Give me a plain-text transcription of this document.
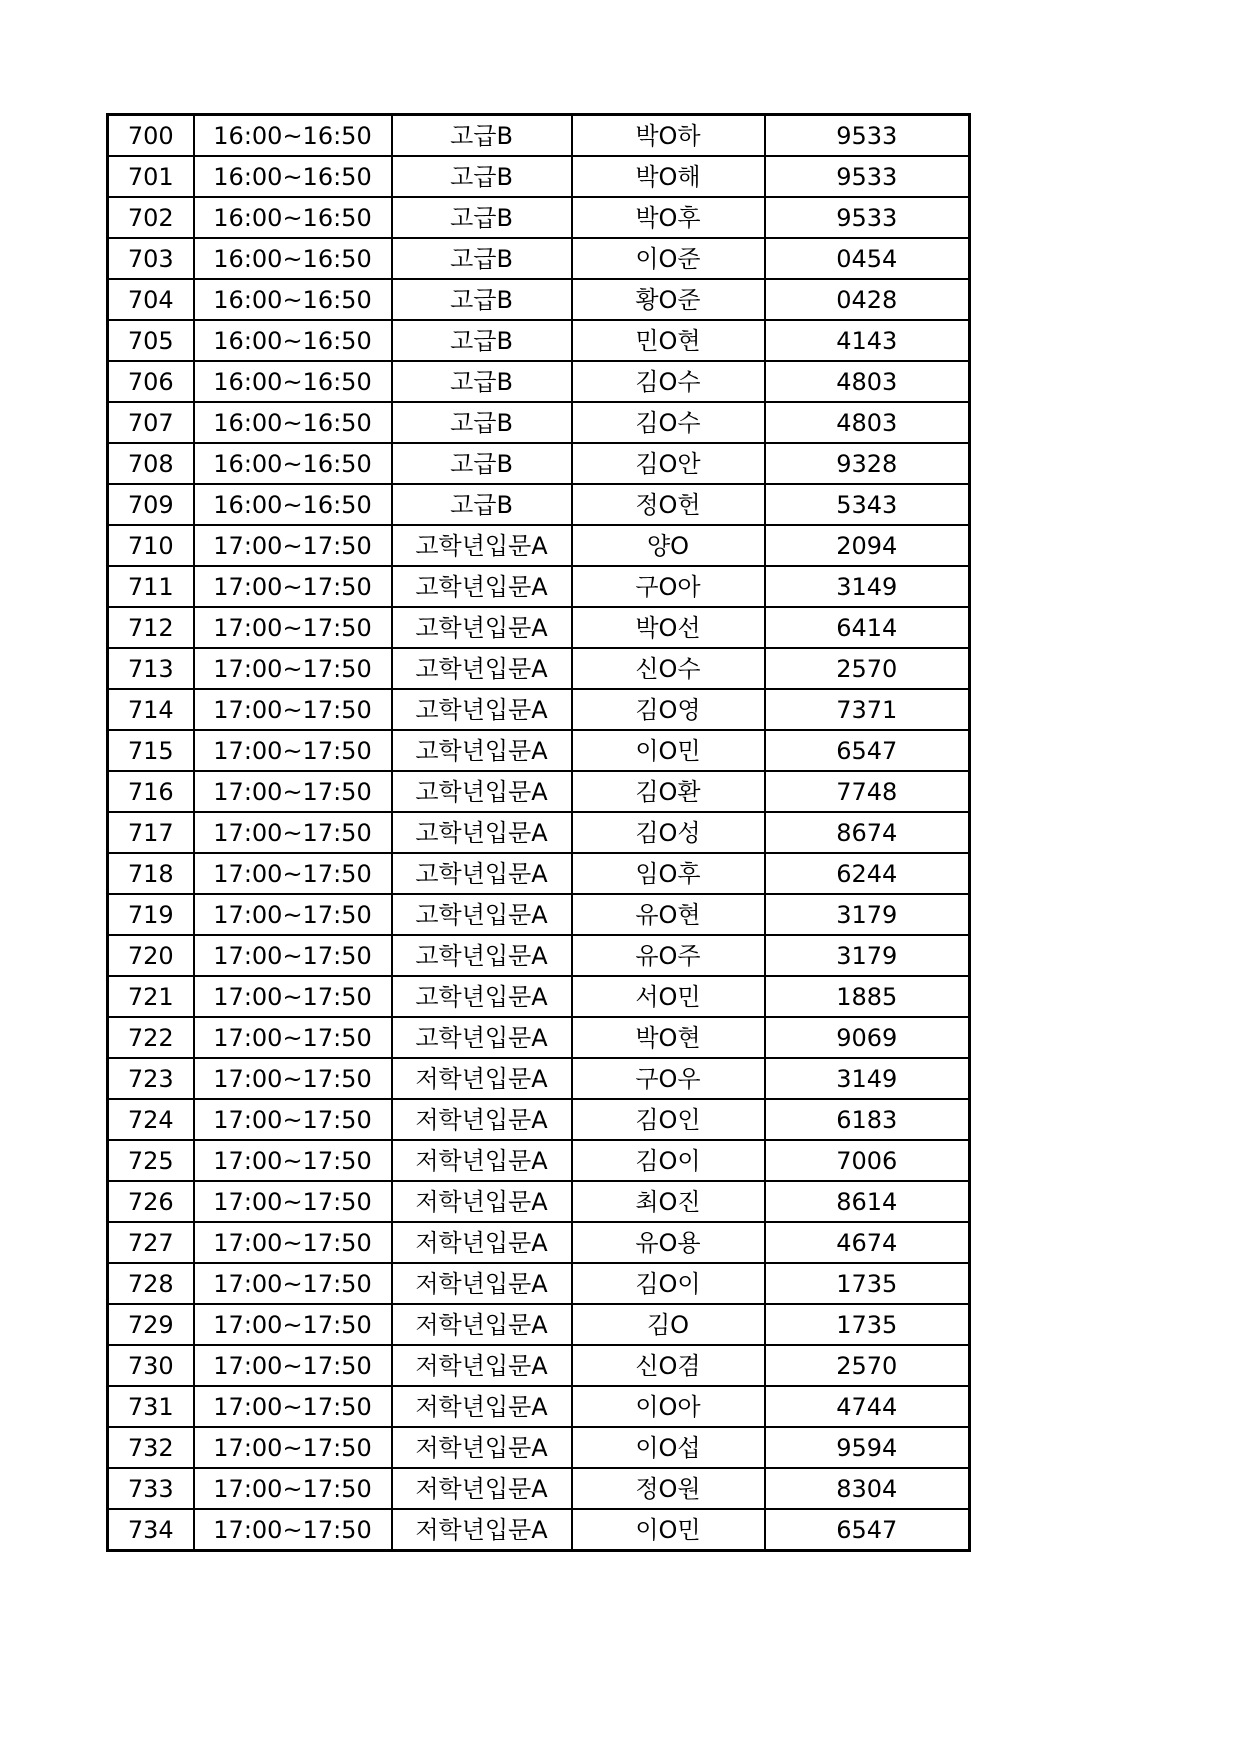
700	16:00~16:50	고급B	박O하	9533
701	16:00~16:50	고급B	박O해	9533
702	16:00~16:50	고급B	박O후	9533
703	16:00~16:50	고급B	이O준	0454
704	16:00~16:50	고급B	황O준	0428
705	16:00~16:50	고급B	민O현	4143
706	16:00~16:50	고급B	김O수	4803
707	16:00~16:50	고급B	김O수	4803
708	16:00~16:50	고급B	김O안	9328
709	16:00~16:50	고급B	정O헌	5343
710	17:00~17:50	고학년입문A	양O	2094
711	17:00~17:50	고학년입문A	구O아	3149
712	17:00~17:50	고학년입문A	박O선	6414
713	17:00~17:50	고학년입문A	신O수	2570
714	17:00~17:50	고학년입문A	김O영	7371
715	17:00~17:50	고학년입문A	이O민	6547
716	17:00~17:50	고학년입문A	김O환	7748
717	17:00~17:50	고학년입문A	김O성	8674
718	17:00~17:50	고학년입문A	임O후	6244
719	17:00~17:50	고학년입문A	유O현	3179
720	17:00~17:50	고학년입문A	유O주	3179
721	17:00~17:50	고학년입문A	서O민	1885
722	17:00~17:50	고학년입문A	박O현	9069
723	17:00~17:50	저학년입문A	구O우	3149
724	17:00~17:50	저학년입문A	김O인	6183
725	17:00~17:50	저학년입문A	김O이	7006
726	17:00~17:50	저학년입문A	최O진	8614
727	17:00~17:50	저학년입문A	유O용	4674
728	17:00~17:50	저학년입문A	김O이	1735
729	17:00~17:50	저학년입문A	김O	1735
730	17:00~17:50	저학년입문A	신O겸	2570
731	17:00~17:50	저학년입문A	이O아	4744
732	17:00~17:50	저학년입문A	이O섭	9594
733	17:00~17:50	저학년입문A	정O원	8304
734	17:00~17:50	저학년입문A	이O민	6547
